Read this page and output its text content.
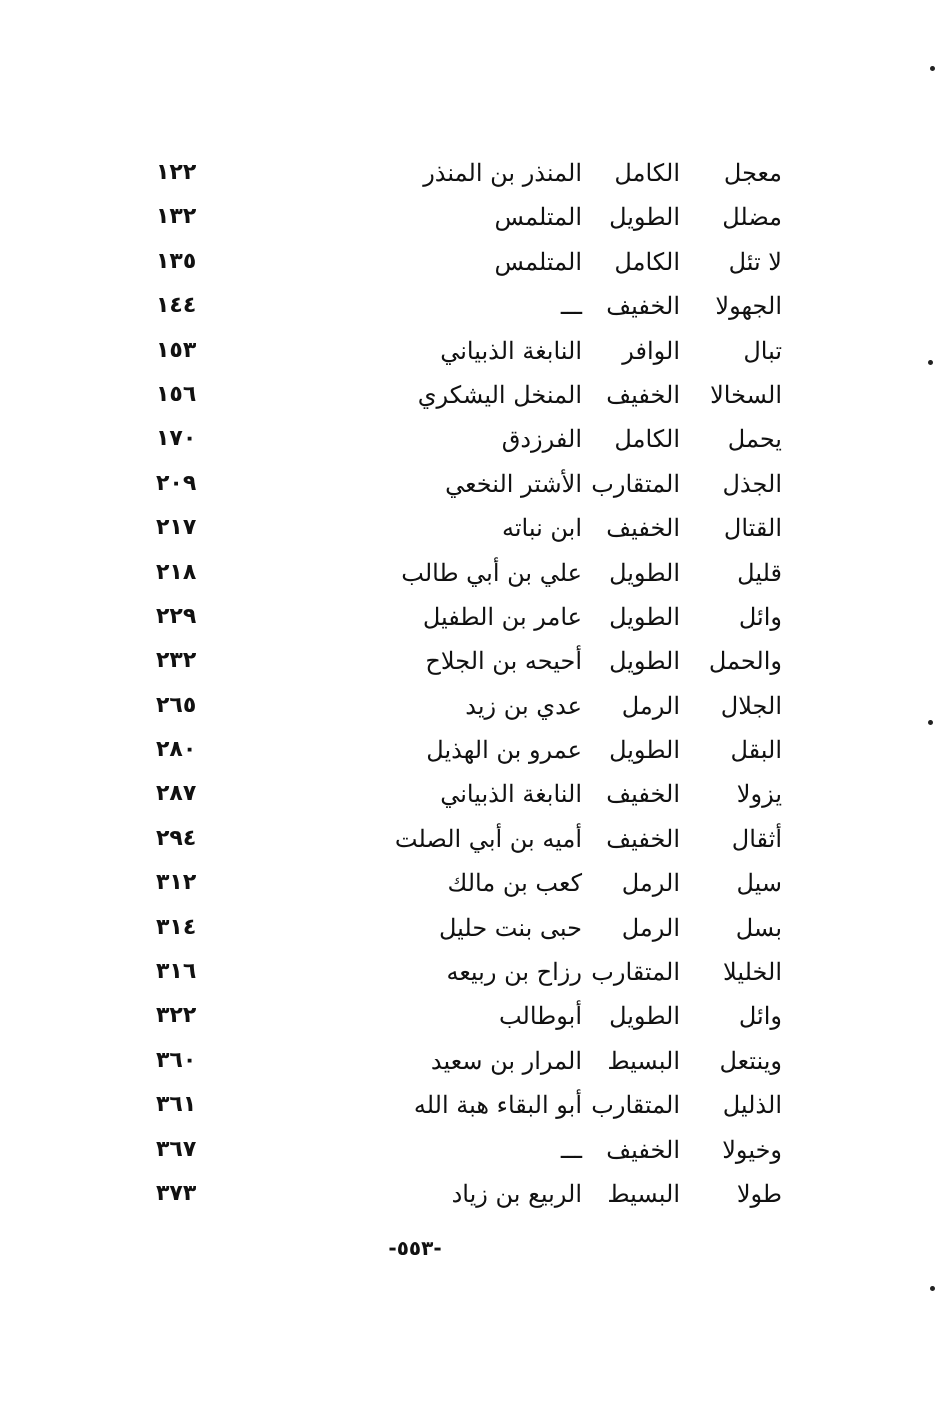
معجل
الكامل
المنذر بن المنذر
١٢٢
مضلل
الطويل
المتلمس
١٣٢
لا تئل
الكامل
المتلمس
١٣٥
الجهولا
الخفيف
ـــ
١٤٤
تبال
الوافر
النابغة الذبياني
١٥٣
السخالا
الخفيف
المنخل اليشكري
١٥٦
يحمل
الكامل
الفرزدق
١٧٠
الجذل
المتقارب
الأشتر النخعي
٢٠٩
القتال
الخفيف
ابن نباته
٢١٧
قليل
الطويل
علي بن أبي طالب
٢١٨
وائل
الطويل
عامر بن الطفيل
٢٢٩
والحمل
الطويل
أحيحه بن الجلاح
٢٣٢
الجلال
الرمل
عدي بن زيد
٢٦٥
البقل
الطويل
عمرو بن الهذيل
٢٨٠
يزولا
الخفيف
النابغة الذبياني
٢٨٧
أثقال
الخفيف
أميه بن أبي الصلت
٢٩٤
سيل
الرمل
كعب بن مالك
٣١٢
بسل
الرمل
حبى بنت حليل
٣١٤
الخليلا
المتقارب
رزاح بن ربيعه
٣١٦
وائل
الطويل
أبوطالب
٣٢٢
وينتعل
البسيط
المرار بن سعيد
٣٦٠
الذليل
المتقارب
أبو البقاء هبة الله
٣٦١
وخيولا
الخفيف
ـــ
٣٦٧
طولا
البسيط
الربيع بن زياد
٣٧٣
-٥٥٣-
